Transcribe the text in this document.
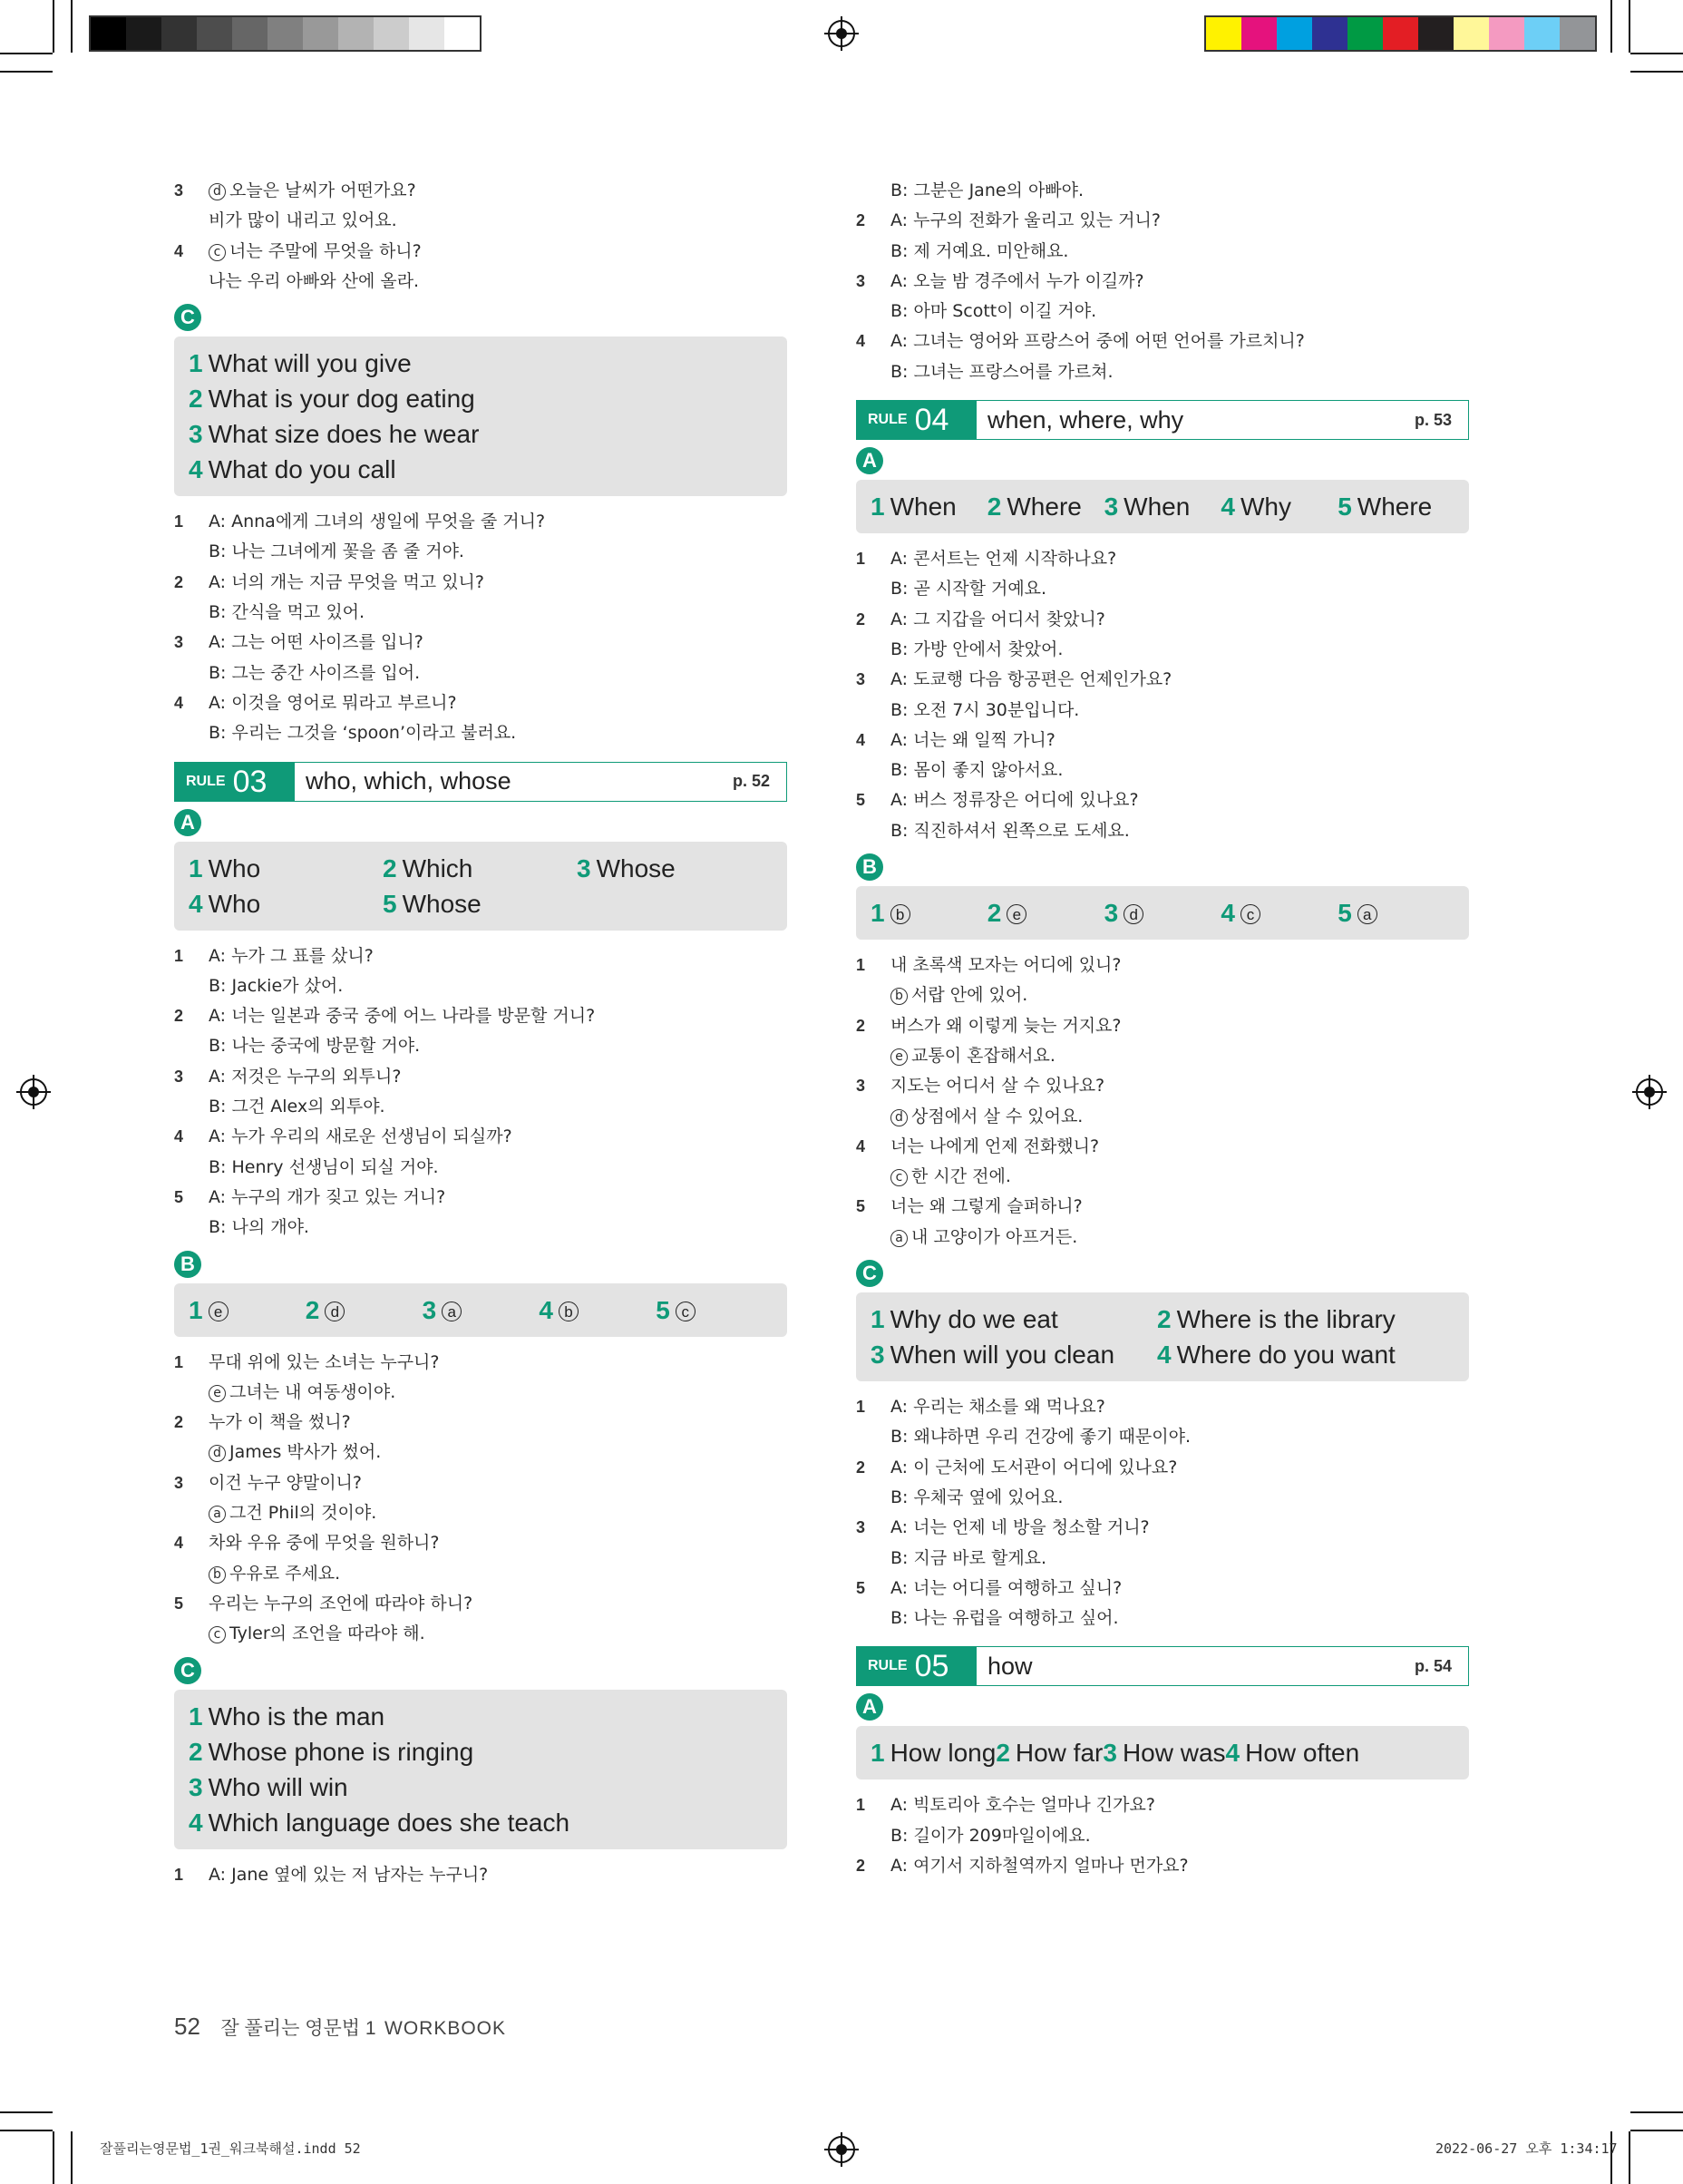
3	d 오늘은 날씨가 어떤가요?
비가 많이 내리고 있어요.
4	c 너는 주말에 무엇을 하니?
나는 우리 아빠와 산에 올라.
C
1 What will you give
2 What is your dog eating
3 What size does he wear
4 What do you call
1	A: Anna에게 그녀의 생일에 무엇을 줄 거니?
B: 나는 그녀에게 꽃을 좀 줄 거야.
2	A: 너의 개는 지금 무엇을 먹고 있니?
B: 간식을 먹고 있어.
3	A: 그는 어떤 사이즈를 입니?
B: 그는 중간 사이즈를 입어.
4	A: 이것을 영어로 뭐라고 부르니?
B: 우리는 그것을 ‘spoon’이라고 불러요.
RULE 03	who, which, whose	p. 52
A
1 Who	2 Which	3 Whose
4 Who	5 Whose
1	A: 누가 그 표를 샀니?
B: Jackie가 샀어.
2	A: 너는 일본과 중국 중에 어느 나라를 방문할 거니?
B: 나는 중국에 방문할 거야.
3	A: 저것은 누구의 외투니?
B: 그건 Alex의 외투야.
4	A: 누가 우리의 새로운 선생님이 되실까?
B: Henry 선생님이 되실 거야.
5	A: 누구의 개가 짖고 있는 거니?
B: 나의 개야.
B
1 e	2 d	3 a	4 b	5 c
1	무대 위에 있는 소녀는 누구니?
e 그녀는 내 여동생이야.
2	누가 이 책을 썼니?
d James 박사가 썼어.
3	이건 누구 양말이니?
a 그건 Phil의 것이야.
4	차와 우유 중에 무엇을 원하니?
b 우유로 주세요.
5	우리는 누구의 조언에 따라야 하니?
c Tyler의 조언을 따라야 해.
C
1 Who is the man
2 Whose phone is ringing
3 Who will win
4 Which language does she teach
1	A: Jane 옆에 있는 저 남자는 누구니?
B: 그분은 Jane의 아빠야.
2	A: 누구의 전화가 울리고 있는 거니?
B: 제 거예요. 미안해요.
3	A: 오늘 밤 경주에서 누가 이길까?
B: 아마 Scott이 이길 거야.
4	A: 그녀는 영어와 프랑스어 중에 어떤 언어를 가르치니?
B: 그녀는 프랑스어를 가르쳐.
RULE 04	when, where, why	p. 53
A
1 When	2 Where 3 When	4 Why	5 Where
1	A: 콘서트는 언제 시작하나요?
B: 곧 시작할 거예요.
2	A: 그 지갑을 어디서 찾았니?
B: 가방 안에서 찾았어.
3	A: 도쿄행 다음 항공편은 언제인가요?
B: 오전 7시 30분입니다.
4	A: 너는 왜 일찍 가니?
B: 몸이 좋지 않아서요.
5	A: 버스 정류장은 어디에 있나요?
B: 직진하셔서 왼쪽으로 도세요.
B
1 b	2 e	3 d	4 c	5 a
1	내 초록색 모자는 어디에 있니?
b 서랍 안에 있어.
2	버스가 왜 이렇게 늦는 거지요?
e 교통이 혼잡해서요.
3	지도는 어디서 살 수 있나요?
d 상점에서 살 수 있어요.
4	너는 나에게 언제 전화했니?
c 한 시간 전에.
5	너는 왜 그렇게 슬퍼하니?
a 내 고양이가 아프거든.
C
1 Why do we eat	2 Where is the library
3 When will you clean	4 Where do you want
1	A: 우리는 채소를 왜 먹나요?
B: 왜냐하면 우리 건강에 좋기 때문이야.
2	A: 이 근처에 도서관이 어디에 있나요?
B: 우체국 옆에 있어요.
3	A: 너는 언제 네 방을 청소할 거니?
B: 지금 바로 할게요.
5	A: 너는 어디를 여행하고 싶니?
B: 나는 유럽을 여행하고 싶어.
RULE 05	how	p. 54
A
1 How long 2 How far 3 How was 4 How often
1	A: 빅토리아 호수는 얼마나 긴가요?
B: 길이가 209마일이에요.
2	A: 여기서 지하철역까지 얼마나 먼가요?
52 잘 풀리는 영문법 1 WORKBOOK
잘풀리는영문법_1권_워크북해설.indd 52	2022-06-27 오후 1:34:17
